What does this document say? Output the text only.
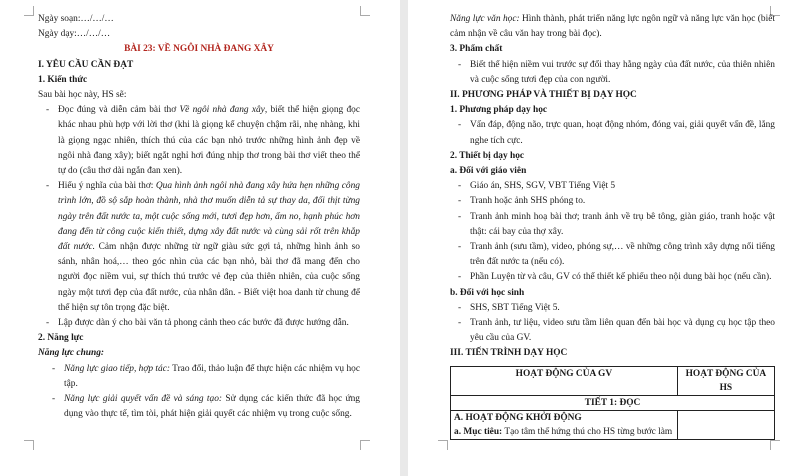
Ngày soạn:…/…/…

Ngày dạy:…/…/…

BÀI 23: VỀ NGÔI NHÀ ĐANG XÂY

I. YÊU CẦU CẦN ĐẠT

1. Kiến thức

Sau bài học này, HS sẽ:

- Đọc đúng và diễn cảm bài thơ Về ngôi nhà đang xây, biết thể hiện giọng đọc khác nhau phù hợp với lời thơ (khi là giọng kể chuyện chậm rãi, nhẹ nhàng, khi là giọng ngạc nhiên, thích thú của các bạn nhỏ trước những hình ảnh đẹp về ngôi nhà đang xây); biết ngắt nghỉ hơi đúng nhịp thơ trong bài thơ viết theo thể tự do (câu thơ dài ngắn đan xen).

- Hiểu ý nghĩa của bài thơ: Qua hình ảnh ngôi nhà đang xây hứa hẹn những công trình lớn, đồ sộ sắp hoàn thành, nhà thơ muốn diễn tả sự thay da, đổi thịt từng ngày trên đất nước ta, một cuộc sống mới, tươi đẹp hơn, ấm no, hạnh phúc hơn đang đến từ công cuộc kiến thiết, dựng xây đất nước và cùng sải rốt trên khắp đất nước. Cảm nhận được những từ ngữ giàu sức gợi tả, những hình ảnh so sánh, nhân hoá,… theo góc nhìn của các bạn nhỏ, bài thơ đã mang đến cho người đọc niềm vui, sự thích thú trước vẻ đẹp của thiên nhiên, của cuộc sống ngày một tươi đẹp của đất nước, của nhân dân. - Biết việt hoa danh từ chung để thể hiện sự tôn trọng đặc biệt.

- Lập được dàn ý cho bài văn tả phong cảnh theo các bước đã được hướng dẫn.

2. Năng lực

Năng lực chung:

- Năng lực giao tiếp, hợp tác: Trao đổi, thảo luận để thực hiện các nhiệm vụ học tập.

- Năng lực giải quyết vấn đề và sáng tạo: Sử dụng các kiến thức đã học ứng dụng vào thực tế, tìm tòi, phát hiện giải quyết các nhiệm vụ trong cuộc sống.

Năng lực văn học: Hình thành, phát triển năng lực ngôn ngữ và năng lực văn học (biết cảm nhận về câu văn hay trong bài đọc).

3. Phẩm chất

- Biết thể hiện niềm vui trước sự đổi thay hằng ngày của đất nước, của thiên nhiên và cuộc sống tươi đẹp của con người.

II. PHƯƠNG PHÁP VÀ THIẾT BỊ DẠY HỌC

1. Phương pháp dạy học

- Vấn đáp, động não, trực quan, hoạt động nhóm, đóng vai, giải quyết vấn đề, lắng nghe tích cực.

2. Thiết bị dạy học

a. Đối với giáo viên

- Giáo án, SHS, SGV, VBT Tiếng Việt 5

- Tranh hoặc ảnh SHS phóng to.

- Tranh ảnh minh hoạ bài thơ; tranh ảnh về trụ bê tông, giàn giáo, tranh hoặc vật thật: cái bay của thợ xây.

- Tranh ảnh (sưu tầm), video, phóng sự,… về những công trình xây dựng nổi tiếng trên đất nước ta (nếu có).

- Phần Luyện từ và câu, GV có thể thiết kế phiếu theo nội dung bài học (nếu cần).

b. Đối với học sinh

- SHS, SBT Tiếng Việt 5.

- Tranh ảnh, tư liệu, video sưu tầm liên quan đến bài học và dụng cụ học tập theo yêu cầu của GV.

III. TIẾN TRÌNH DẠY HỌC

HOẠT ĐỘNG CỦA GV	HOẠT ĐỘNG CỦA HS
TIẾT 1: ĐỌC	

A. HOẠT ĐỘNG KHỞI ĐỘNG
a. Mục tiêu: Tạo tâm thế hứng thú cho HS từng bước làm	
